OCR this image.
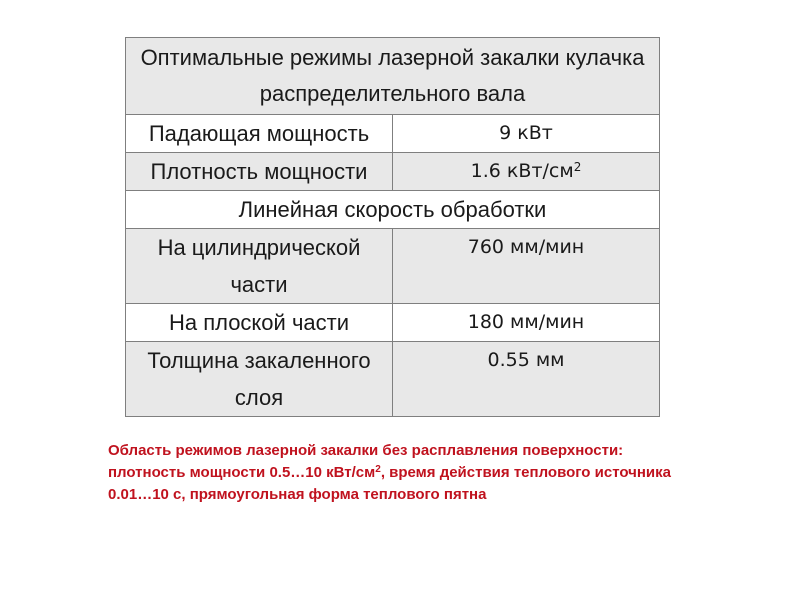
Оптимальные режимы лазерной закалки кулачка распределительного вала	
Падающая мощность	9 кВт
Плотность мощности	1.6 кВт/$см^2$
Линейная скорость обработки	
На цилиндрической части	760 мм/мин
На плоской части	180 мм/мин
Толщина закаленного слоя	0.55 мм

Область режимов лазерной закалки без расплавления поверхности: плотность мощности 0.5…10 кВт/$см^2$, время действия теплового источника 0.01…10 с, прямоугольная форма теплового пятна
